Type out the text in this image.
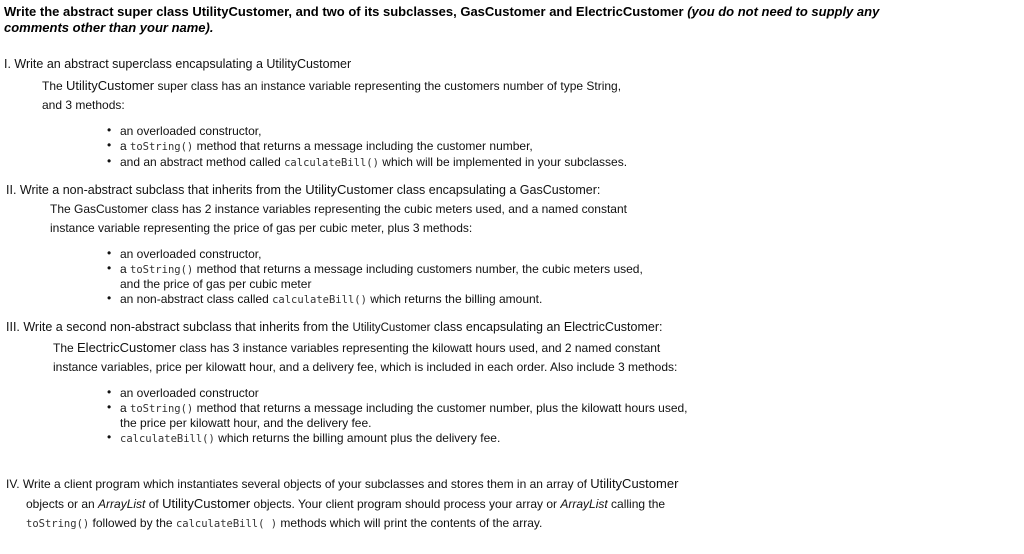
Write the abstract super class UtilityCustomer, and two of its subclasses, GasCustomer and ElectricCustomer (you do not need to supply any
comments other than your name).
I. Write an abstract superclass encapsulating a UtilityCustomer
The UtilityCustomer super class has an instance variable representing the customers number of type String,
and 3 methods:
• an overloaded constructor,
• a toString() method that returns a message including the customer number,
• and an abstract method called calculateBill() which will be implemented in your subclasses.
II. Write a non-abstract subclass that inherits from the UtilityCustomer class encapsulating a GasCustomer:
The GasCustomer class has 2 instance variables representing the cubic meters used, and a named constant
instance variable representing the price of gas per cubic meter, plus 3 methods:
• an overloaded constructor,
• a toString() method that returns a message including customers number, the cubic meters used,
and the price of gas per cubic meter
• an non-abstract class called calculateBill() which returns the billing amount.
III. Write a second non-abstract subclass that inherits from the UtilityCustomer class encapsulating an ElectricCustomer:
The ElectricCustomer class has 3 instance variables representing the kilowatt hours used, and 2 named constant
instance variables, price per kilowatt hour, and a delivery fee, which is included in each order. Also include 3 methods:
• an overloaded constructor
• a toString() method that returns a message including the customer number, plus the kilowatt hours used,
the price per kilowatt hour, and the delivery fee.
• calculateBill() which returns the billing amount plus the delivery fee.
IV. Write a client program which instantiates several objects of your subclasses and stores them in an array of UtilityCustomer
objects or an ArrayList of UtilityCustomer objects. Your client program should process your array or ArrayList calling the
toString() followed by the calculateBill( ) methods which will print the contents of the array.
